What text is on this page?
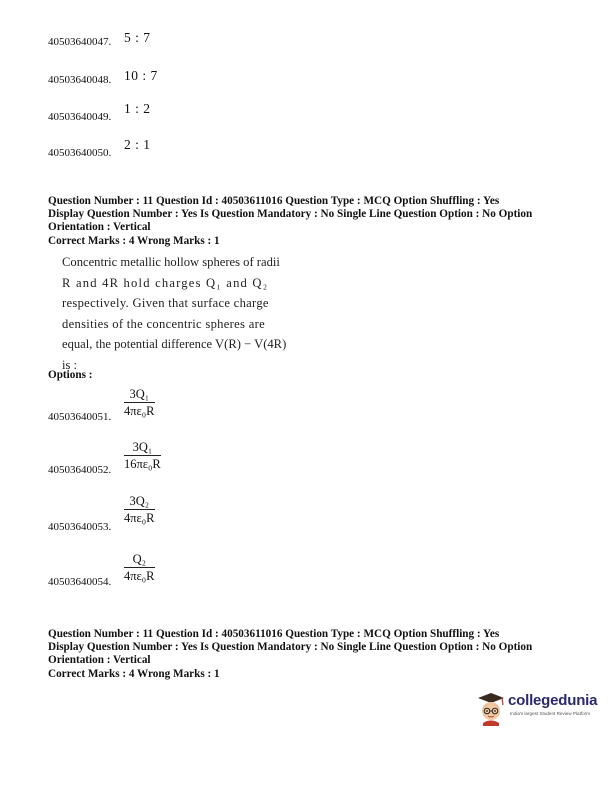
40503640047. 5 : 7
40503640048. 10 : 7
40503640049.
1 : 2
40503640050.
2 : 1
Question Number : 11 Question Id : 40503611016 Question Type : MCQ Option Shuffling : Yes
Display Question Number : Yes Is Question Mandatory : No Single Line Question Option : No Option
Orientation : Vertical
Correct Marks : 4 Wrong Marks : 1
Concentric metallic hollow spheres of radii
R and 4R hold charges Q₁ and Q₂
respectively. Given that surface charge
densities of the concentric spheres are
equal, the potential difference V(R) − V(4R)
is :
Options :
40503640051. $\frac{\text{3Q₁}}{\text{4πε₀R}}$
40503640052. $\frac{\text{3Q₁}}{\text{16πε₀R}}$
40503640053.
$\frac{\text{3Q₂}}{\text{4πε₀R}}$
40503640054. $\frac{\text{Q₂}}{\text{4πε₀R}}$
Question Number : 11 Question Id : 40503611016 Question Type : MCQ Option Shuffling : Yes
Display Question Number : Yes Is Question Mandatory : No Single Line Question Option : No Option
Orientation : Vertical
Correct Marks : 4 Wrong Marks : 1
collegedunia
India's largest Student Review Platform
